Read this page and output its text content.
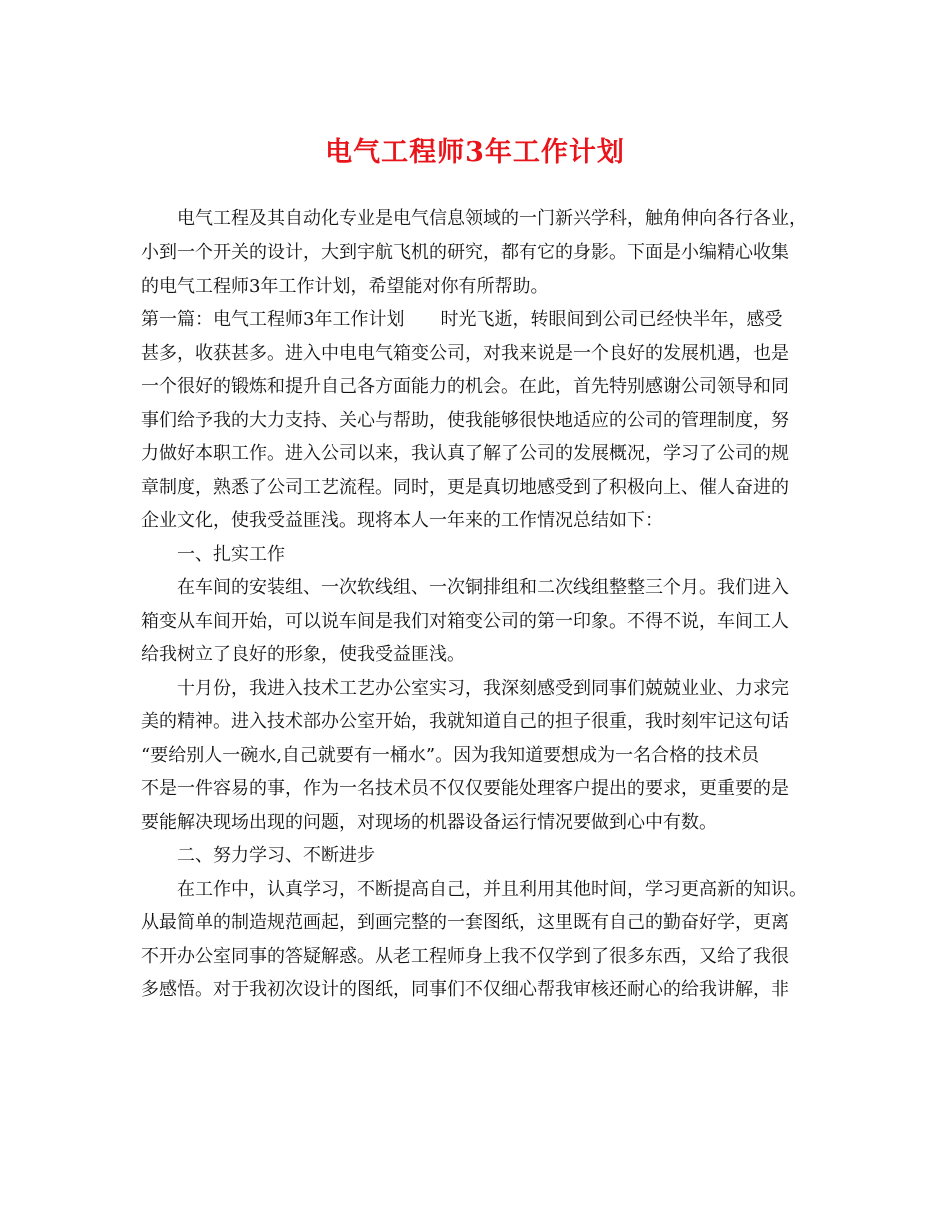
电气工程师3年工作计划
电气工程及其自动化专业是电气信息领域的一门新兴学科，触角伸向各行各业，
小到一个开关的设计，大到宇航飞机的研究，都有它的身影。下面是小编精心收集
的电气工程师3年工作计划，希望能对你有所帮助。
第一篇：电气工程师3年工作计划　　时光飞逝，转眼间到公司已经快半年，感受
甚多，收获甚多。进入中电电气箱变公司，对我来说是一个良好的发展机遇，也是
一个很好的锻炼和提升自己各方面能力的机会。在此，首先特别感谢公司领导和同
事们给予我的大力支持、关心与帮助，使我能够很快地适应的公司的管理制度，努
力做好本职工作。进入公司以来，我认真了解了公司的发展概况，学习了公司的规
章制度，熟悉了公司工艺流程。同时，更是真切地感受到了积极向上、催人奋进的
企业文化，使我受益匪浅。现将本人一年来的工作情况总结如下：
一、扎实工作
在车间的安装组、一次软线组、一次铜排组和二次线组整整三个月。我们进入
箱变从车间开始，可以说车间是我们对箱变公司的第一印象。不得不说，车间工人
给我树立了良好的形象，使我受益匪浅。
十月份，我进入技术工艺办公室实习，我深刻感受到同事们兢兢业业、力求完
美的精神。进入技术部办公室开始，我就知道自己的担子很重，我时刻牢记这句话
“要给别人一碗水,自己就要有一桶水”。因为我知道要想成为一名合格的技术员
不是一件容易的事，作为一名技术员不仅仅要能处理客户提出的要求，更重要的是
要能解决现场出现的问题，对现场的机器设备运行情况要做到心中有数。
二、努力学习、不断进步
在工作中，认真学习，不断提高自己，并且利用其他时间，学习更高新的知识。
从最简单的制造规范画起，到画完整的一套图纸，这里既有自己的勤奋好学，更离
不开办公室同事的答疑解惑。从老工程师身上我不仅学到了很多东西，又给了我很
多感悟。对于我初次设计的图纸，同事们不仅细心帮我审核还耐心的给我讲解，非
